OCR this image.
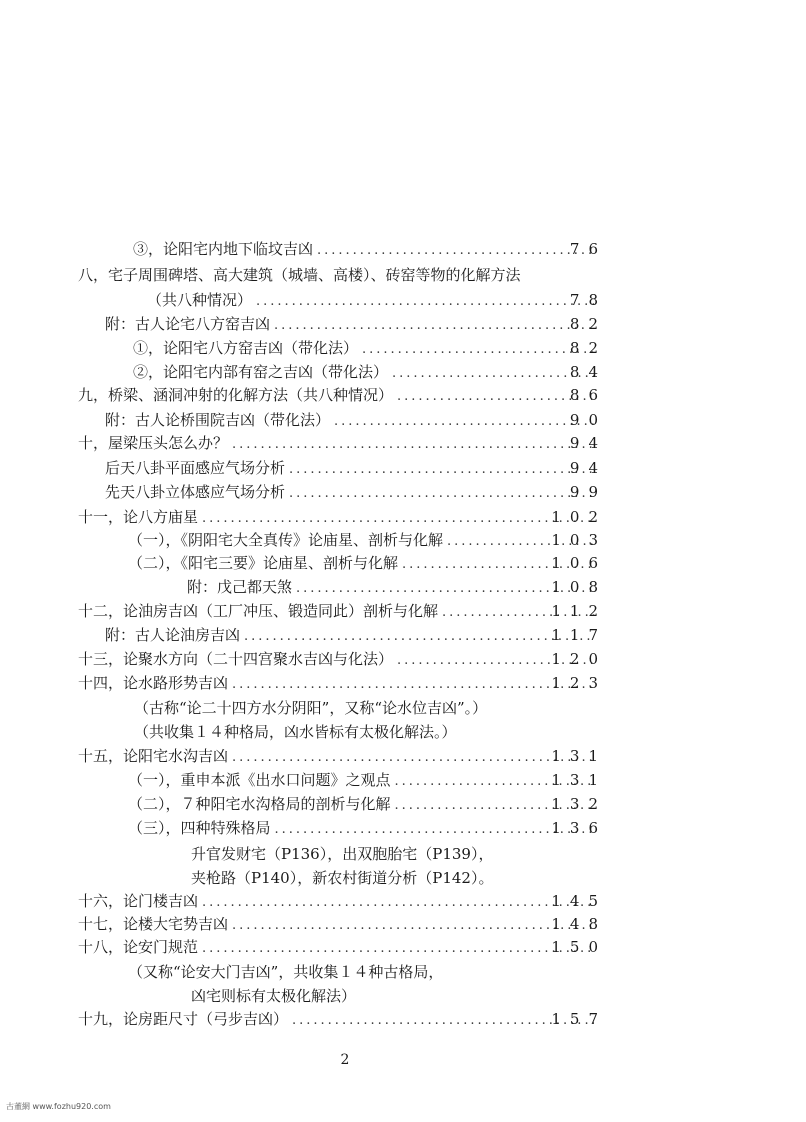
③，论阳宅内地下临坟吉凶 .....	76
八，宅子周围碑塔、高大建筑（城墙、高楼）、砖窑等物的化解方法
（共八种情况） .....	78
附：古人论宅八方窑吉凶 .....	82
①，论阳宅八方窑吉凶（带化法） .....	82
②，论阳宅内部有窑之吉凶（带化法） .....	84
九，桥梁、涵洞冲射的化解方法（共八种情况） .....	86
附：古人论桥围院吉凶（带化法） .....	90
十，屋梁压头怎么办？ .....	94
后天八卦平面感应气场分析 .....	94
先天八卦立体感应气场分析 .....	99
十一，论八方庙星 .....	102
（一），《阴阳宅大全真传》论庙星、剖析与化解 .....	103
（二），《阳宅三要》论庙星、剖析与化解 .....	106
附：戊己都天煞 .....	108
十二，论油房吉凶（工厂冲压、锻造同此）剖析与化解 .....	112
附：古人论油房吉凶 .....	117
十三，论聚水方向（二十四宫聚水吉凶与化法） .....	120
十四，论水路形势吉凶 .....	123
（古称“论二十四方水分阴阳”，又称“论水位吉凶”。）
（共收集１４种格局，凶水皆标有太极化解法。）
十五，论阳宅水沟吉凶 .....	131
（一），重申本派《出水口问题》之观点 .....	131
（二），７种阳宅水沟格局的剖析与化解 .....	132
（三），四种特殊格局 .....	136
升官发财宅（P136），出双胞胎宅（P139），
夹枪路（P140），新农村街道分析（P142）。
十六，论门楼吉凶 .....	145
十七，论楼大宅势吉凶 .....	148
十八，论安门规范 .....	150
（又称“论安大门吉凶”，共收集１４种古格局，
凶宅则标有太极化解法）
十九，论房距尺寸（弓步吉凶） .....	157
2
古董網 www.fozhu920.com
